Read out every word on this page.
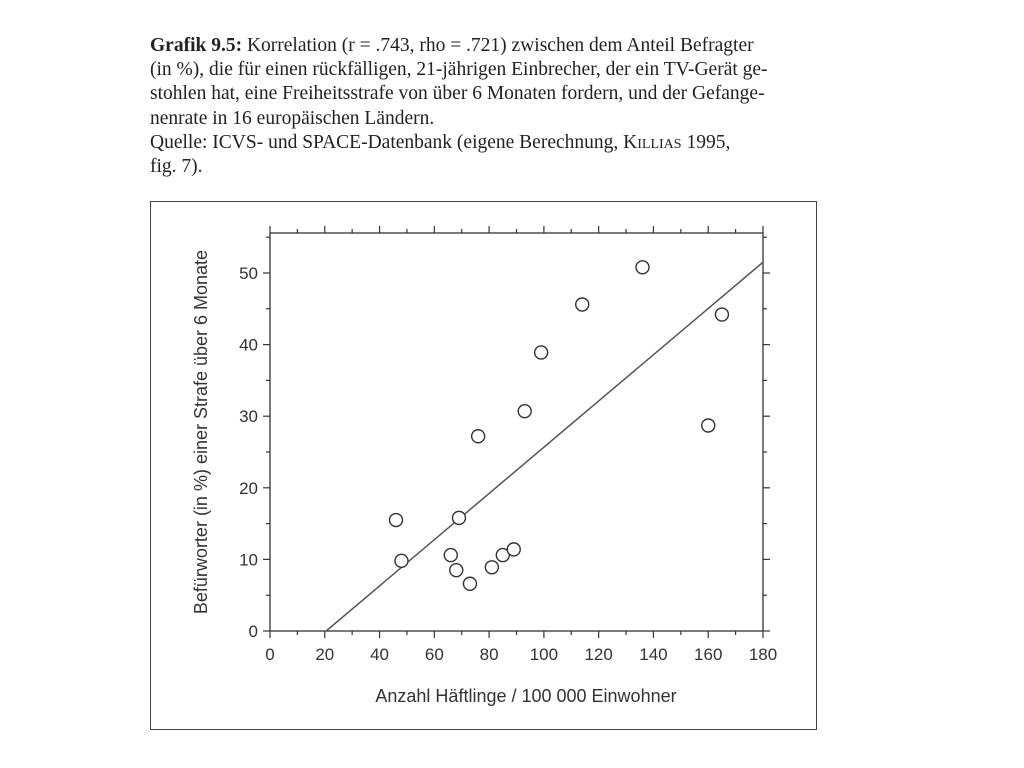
Grafik 9.5: Korrelation (r = .743, rho = .721) zwischen dem Anteil Befragter
(in %), die für einen rückfälligen, 21-jährigen Einbrecher, der ein TV-Gerät ge-
stohlen hat, eine Freiheitsstrafe von über 6 Monaten fordern, und der Gefange-
nenrate in 16 europäischen Ländern.
Quelle: ICVS- und SPACE-Datenbank (eigene Berechnung, Killias 1995,
fig. 7).
0 20 40 60 80 100 120 140 160 180
0
10
20
30
40
50
Anzahl Häftlinge / 100 000 Einwohner
Befürworter (in %) einer Strafe über 6 Monate
